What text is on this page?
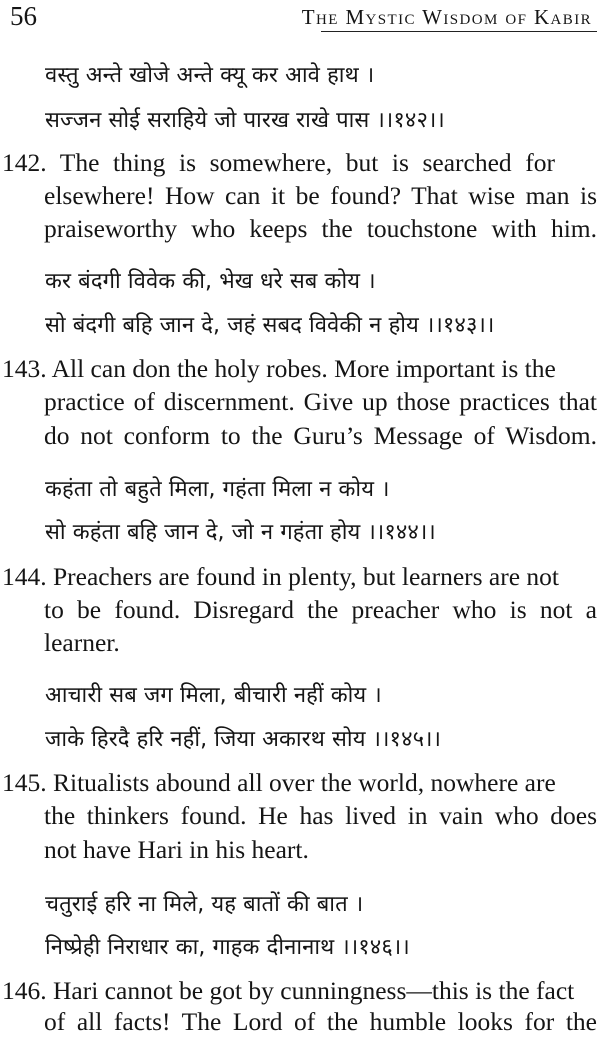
56	The Mystic Wisdom of Kabir
वस्तु अन्ते खोजे अन्ते क्यू कर आवे हाथ ।
सज्जन सोई सराहिये जो पारख राखे पास ।।१४२।।
142. The thing is somewhere, but is searched for
elsewhere! How can it be found? That wise man is
praiseworthy who keeps the touchstone with him.
कर बंदगी विवेक की, भेख धरे सब कोय ।
सो बंदगी बहि जान दे, जहं सबद विवेकी न होय ।।१४३।।
143. All can don the holy robes. More important is the
practice of discernment. Give up those practices that
do not conform to the Guru’s Message of Wisdom.
कहंता तो बहुते मिला, गहंता मिला न कोय ।
सो कहंता बहि जान दे, जो न गहंता होय ।।१४४।।
144. Preachers are found in plenty, but learners are not
to be found. Disregard the preacher who is not a
learner.
आचारी सब जग मिला, बीचारी नहीं कोय ।
जाके हिरदै हरि नहीं, जिया अकारथ सोय ।।१४५।।
145. Ritualists abound all over the world, nowhere are
the thinkers found. He has lived in vain who does
not have Hari in his heart.
चतुराई हरि ना मिले, यह बातों की बात ।
निष्प्रेही निराधार का, गाहक दीनानाथ ।।१४६।।
146. Hari cannot be got by cunningness—this is the fact
of all facts! The Lord of the humble looks for the
